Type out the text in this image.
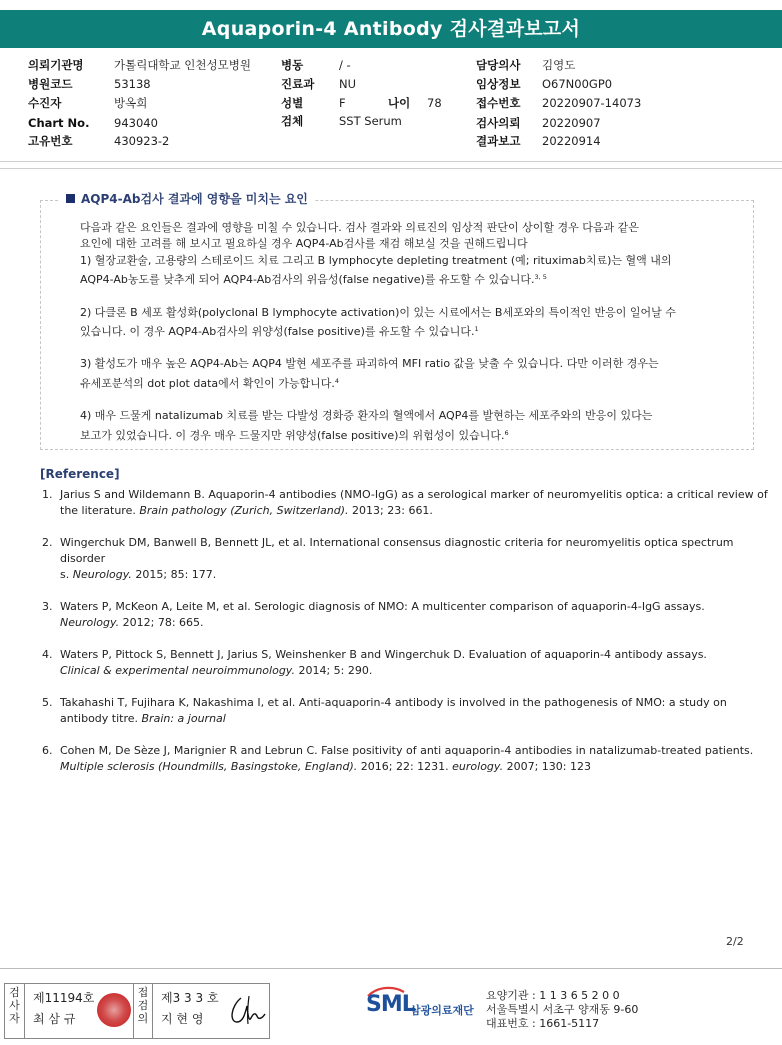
Aquaporin-4 Antibody 검사결과보고서
의뢰기관명	가톨릭대학교 인천성모병원
병원코드	53138
수진자	방옥희
Chart No. 943040
고유번호	430923-2
병동	/ -
진료과 NU
성별	F	나이 78
검체	SST Serum
담당의사 김영도
임상정보 O67N00GP0
접수번호 20220907-14073
검사의뢰 20220907
결과보고 20220914
AQP4-Ab검사 결과에 영향을 미치는 요인

다음과 같은 요인들은 결과에 영향을 미칠 수 있습니다. 검사 결과와 의료진의 임상적 판단이 상이할 경우 다음과 같은

요인에 대한 고려를 해 보시고 필요하실 경우 AQP4-Ab검사를 재검 해보실 것을 권해드립니다

1) 혈장교환술, 고용량의 스테로이드 치료 그리고 B lymphocyte depleting treatment (예; rituximab치료)는 혈액 내의

AQP4-Ab농도를 낮추게 되어 AQP4-Ab검사의 위음성(false negative)를 유도할 수 있습니다.$^{3, 5}$

2) 다클론 B 세포 활성화(polyclonal B lymphocyte activation)이 있는 시료에서는 B세포와의 특이적인 반응이 일어날 수

있습니다. 이 경우 AQP4-Ab검사의 위양성(false positive)를 유도할 수 있습니다.$^1$

3) 활성도가 매우 높은 AQP4-Ab는 AQP4 발현 세포주를 파괴하여 MFI ratio 값을 낮출 수 있습니다. 다만 이러한 경우는

유세포분석의 dot plot data에서 확인이 가능합니다.$^4$

4) 매우 드물게 natalizumab 치료를 받는 다발성 경화증 환자의 혈액에서 AQP4를 발현하는 세포주와의 반응이 있다는

보고가 있었습니다. 이 경우 매우 드물지만 위양성(false positive)의 위험성이 있습니다.$^6$

[Reference]
1. Jarius S and Wildemann B. Aquaporin-4 antibodies (NMO-IgG) as a serological marker of neuromyelitis optica: a critical review of
the literature. Brain pathology (Zurich, Switzerland). 2013; 23: 661.
2. Wingerchuk DM, Banwell B, Bennett JL, et al. International consensus diagnostic criteria for neuromyelitis optica spectrum disorder
s. Neurology. 2015; 85: 177.
3. Waters P, McKeon A, Leite M, et al. Serologic diagnosis of NMO: A multicenter comparison of aquaporin-4-IgG assays.
Neurology. 2012; 78: 665.
4. Waters P, Pittock S, Bennett J, Jarius S, Weinshenker B and Wingerchuk D. Evaluation of aquaporin-4 antibody assays.
Clinical & experimental neuroimmunology. 2014; 5: 290.
5. Takahashi T, Fujihara K, Nakashima I, et al. Anti-aquaporin-4 antibody is involved in the pathogenesis of NMO: a study on
antibody titre. Brain: a journal
6. Cohen M, De Sèze J, Marignier R and Lebrun C. False positivity of anti aquaporin-4 antibodies in natalizumab-treated patients.
Multiple sclerosis (Houndmills, Basingstoke, England). 2016; 22: 1231. eurology. 2007; 130: 123
2/2
검
사
자
제11194호
최 삼 규
접
검
의
제3 3 3 호
지 현 영
SML
삼광의료재단
요양기관 : 1 1 3 6 5 2 0 0
서울특별시 서초구 양재동 9-60
대표번호 : 1661-5117
